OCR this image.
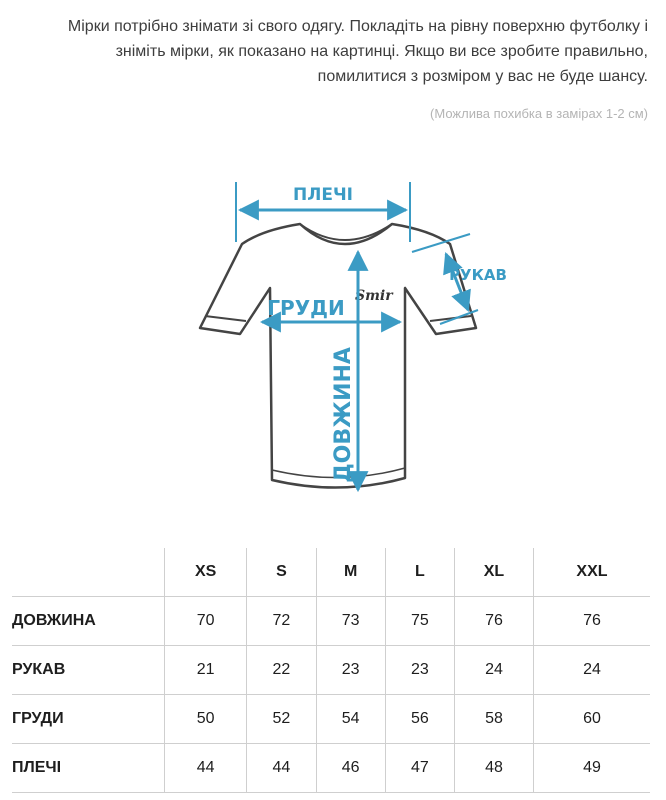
Мірки потрібно знімати зі свого одягу. Покладіть на рівну поверхню футболку і зніміть мірки, як показано на картинці. Якщо ви все зробите правильно, помилитися з розміром у вас не буде шансу.
(Можлива похибка в замірах 1-2 см)
ПЛЕЧІ
РУКАВ
ГРУДИ Smir
ДОВЖИНА
	XS	S	M	L	XL	XXL
ДОВЖИНА	70	72	73	75	76	76
РУКАВ	21	22	23	23	24	24
ГРУДИ	50	52	54	56	58	60
ПЛЕЧІ	44	44	46	47	48	49
